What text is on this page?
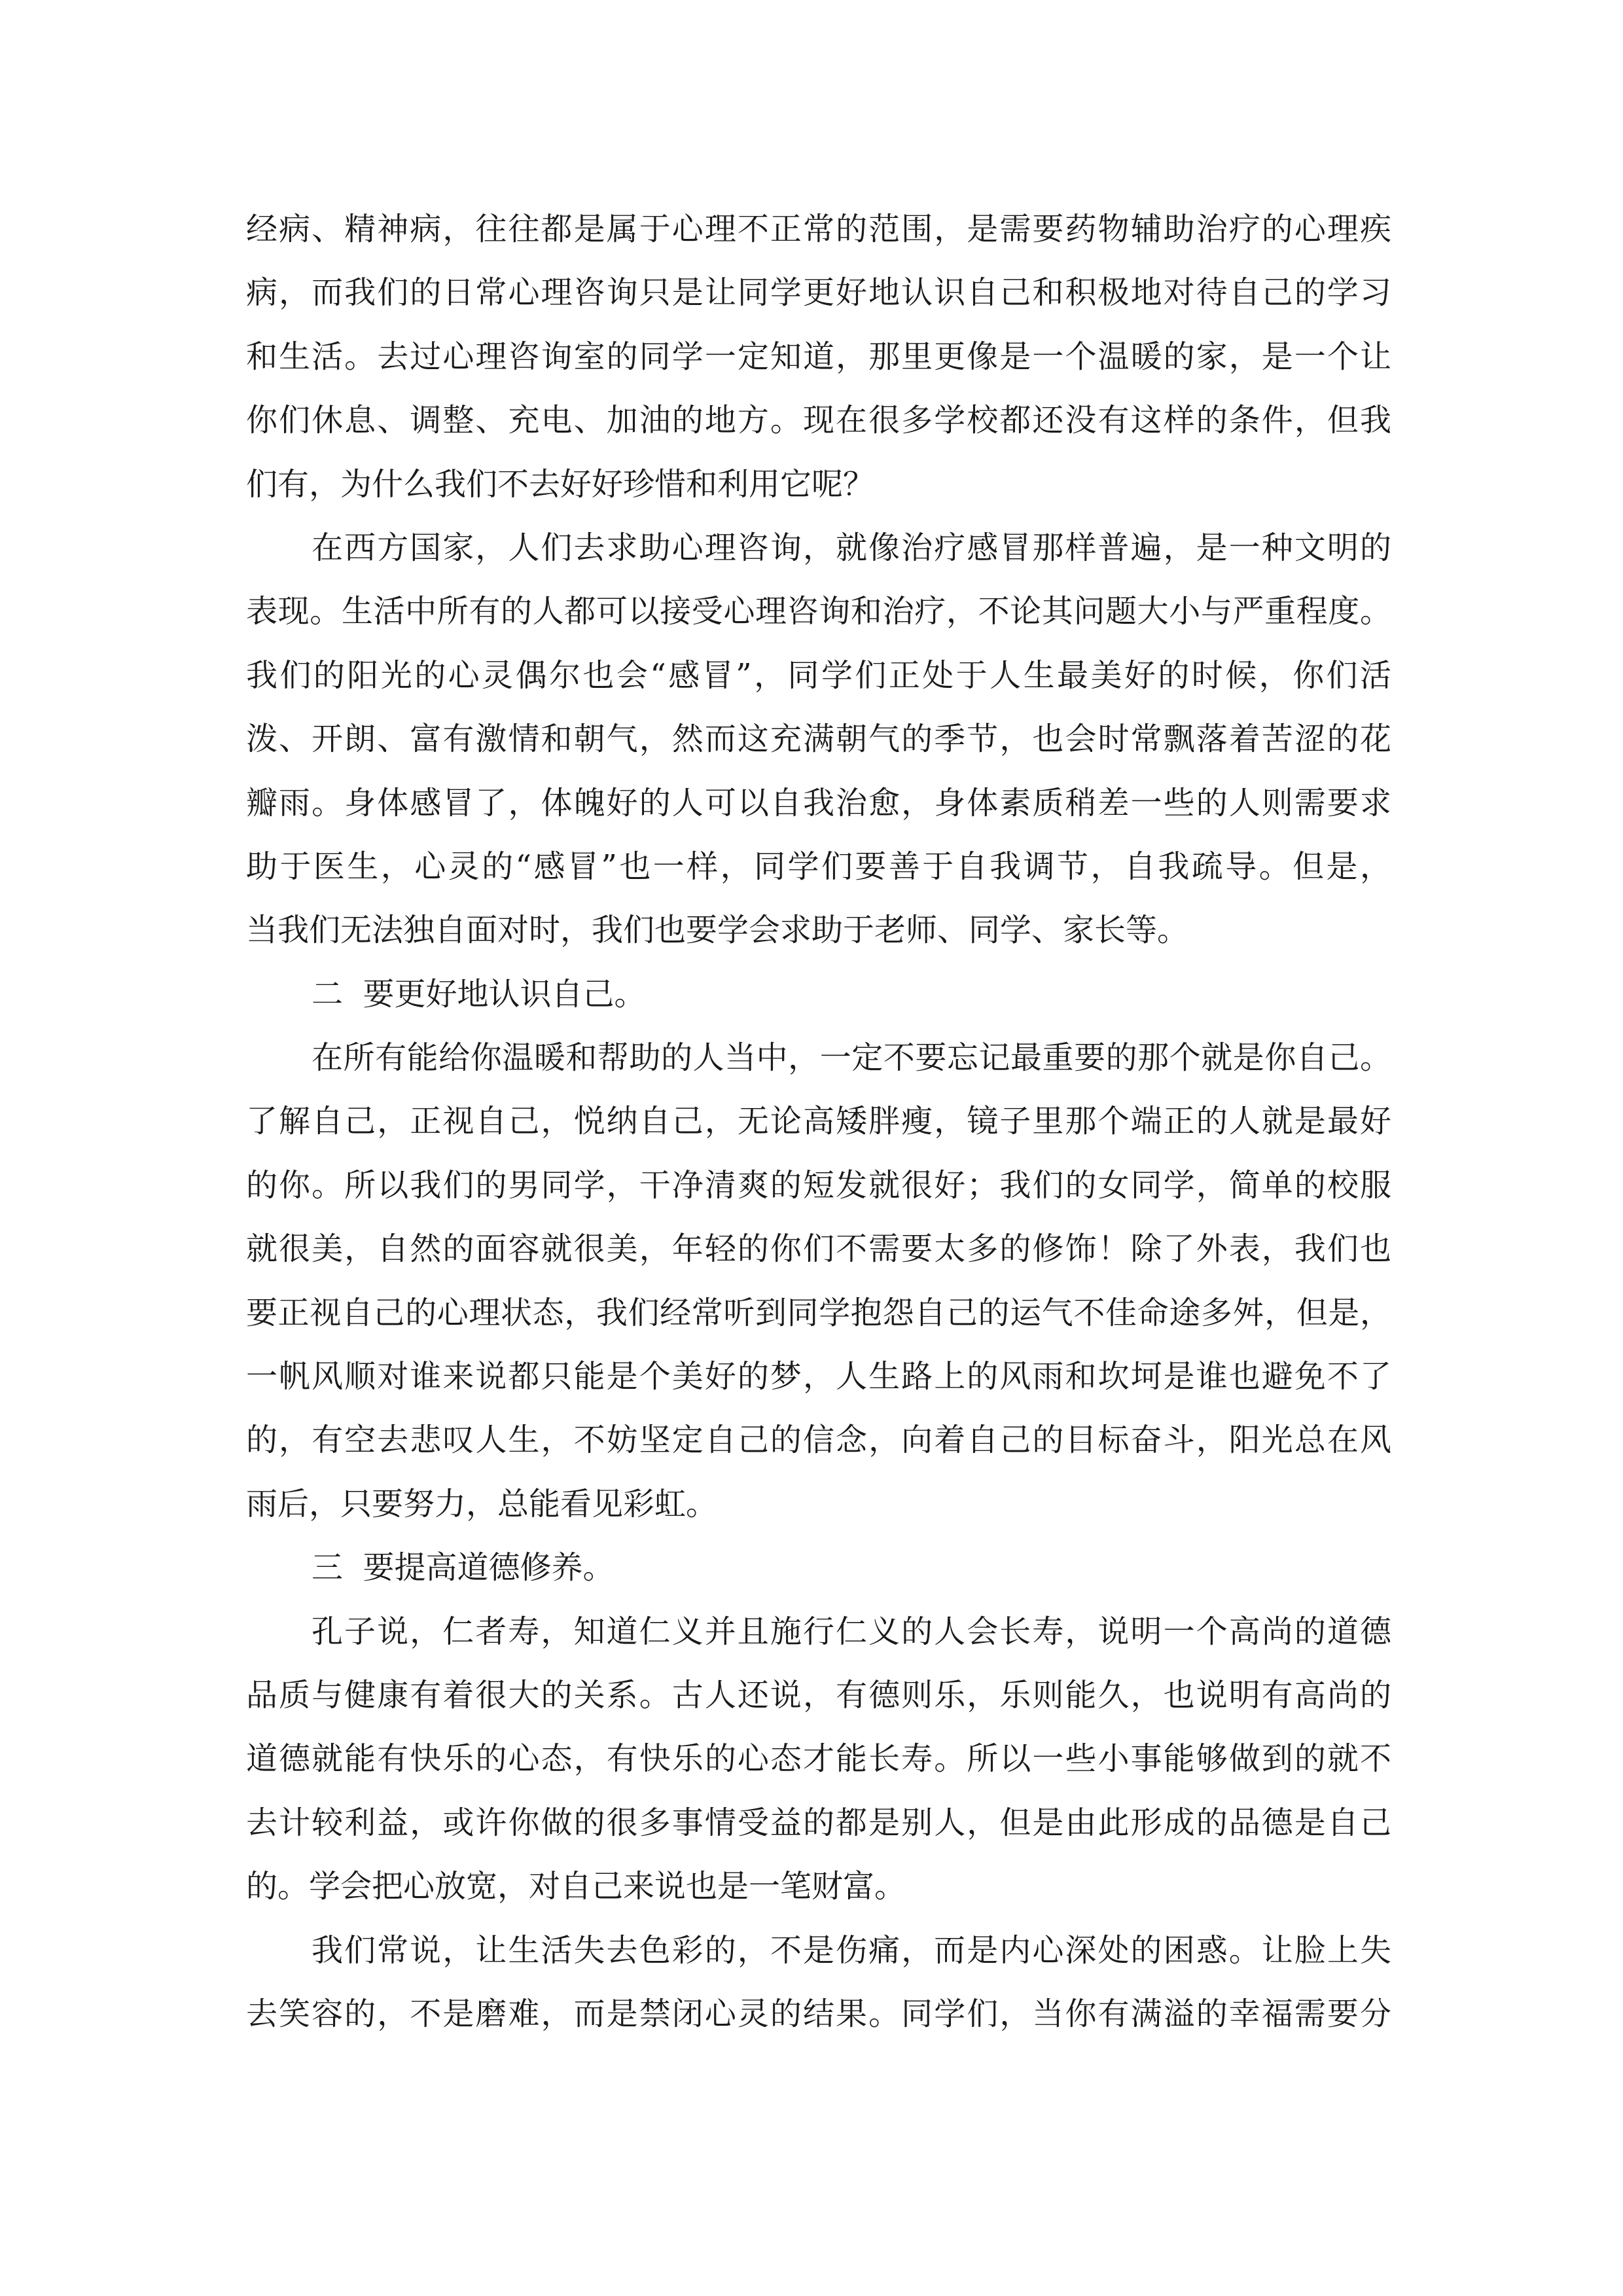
经病、精神病，往往都是属于心理不正常的范围，是需要药物辅助治疗的心理疾
病，而我们的日常心理咨询只是让同学更好地认识自己和积极地对待自己的学习
和生活。去过心理咨询室的同学一定知道，那里更像是一个温暖的家，是一个让
你们休息、调整、充电、加油的地方。现在很多学校都还没有这样的条件，但我
们有，为什么我们不去好好珍惜和利用它呢？
在西方国家，人们去求助心理咨询，就像治疗感冒那样普遍，是一种文明的
表现。生活中所有的人都可以接受心理咨询和治疗，不论其问题大小与严重程度。
我们的阳光的心灵偶尔也会“感冒”，同学们正处于人生最美好的时候，你们活
泼、开朗、富有激情和朝气，然而这充满朝气的季节，也会时常飘落着苦涩的花
瓣雨。身体感冒了，体魄好的人可以自我治愈，身体素质稍差一些的人则需要求
助于医生，心灵的“感冒”也一样，同学们要善于自我调节，自我疏导。但是，
当我们无法独自面对时，我们也要学会求助于老师、同学、家长等。
二  要更好地认识自己。
在所有能给你温暖和帮助的人当中，一定不要忘记最重要的那个就是你自己。
了解自己，正视自己，悦纳自己，无论高矮胖瘦，镜子里那个端正的人就是最好
的你。所以我们的男同学，干净清爽的短发就很好；我们的女同学，简单的校服
就很美，自然的面容就很美，年轻的你们不需要太多的修饰！除了外表，我们也
要正视自己的心理状态，我们经常听到同学抱怨自己的运气不佳命途多舛，但是，
一帆风顺对谁来说都只能是个美好的梦，人生路上的风雨和坎坷是谁也避免不了
的，有空去悲叹人生，不妨坚定自己的信念，向着自己的目标奋斗，阳光总在风
雨后，只要努力，总能看见彩虹。
三  要提高道德修养。
孔子说，仁者寿，知道仁义并且施行仁义的人会长寿，说明一个高尚的道德
品质与健康有着很大的关系。古人还说，有德则乐，乐则能久，也说明有高尚的
道德就能有快乐的心态，有快乐的心态才能长寿。所以一些小事能够做到的就不
去计较利益，或许你做的很多事情受益的都是别人，但是由此形成的品德是自己
的。学会把心放宽，对自己来说也是一笔财富。
我们常说，让生活失去色彩的，不是伤痛，而是内心深处的困惑。让脸上失
去笑容的，不是磨难，而是禁闭心灵的结果。同学们，当你有满溢的幸福需要分
